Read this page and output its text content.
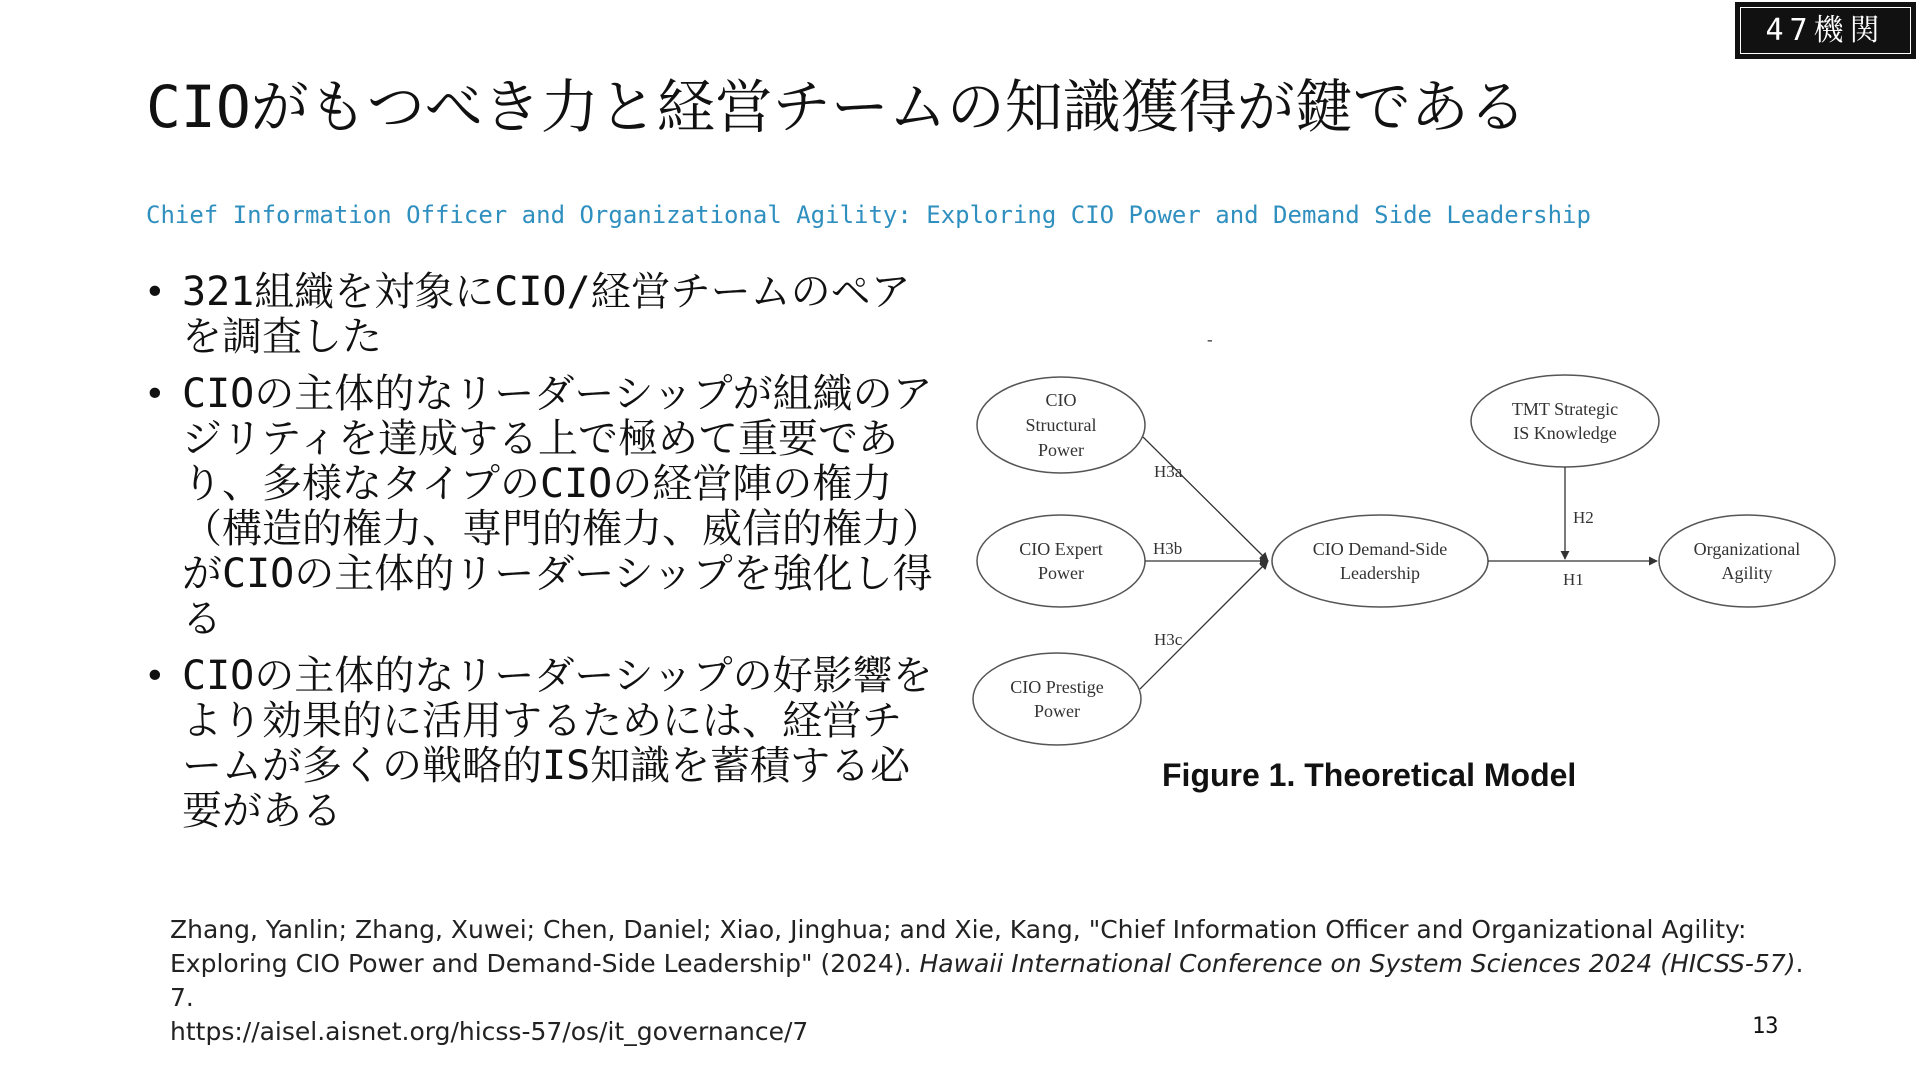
47機関
CIOがもつべき力と経営チームの知識獲得が鍵である
Chief Information Officer and Organizational Agility: Exploring CIO Power and Demand Side Leadership
• 321組織を対象にCIO/経営チームのペアを調査した
• CIOの主体的なリーダーシップが組織のアジリティを達成する上で極めて重要であり、多様なタイプのCIOの経営陣の権力（構造的権力、専門的権力、威信的権力）がCIOの主体的リーダーシップを強化し得る
• CIOの主体的なリーダーシップの好影響をより効果的に活用するためには、経営チームが多くの戦略的IS知識を蓄積する必要がある
-
CIO
Structural
Power
CIO Expert
Power
CIO Prestige
Power
CIO Demand-Side
Leadership
Organizational
Agility
TMT Strategic
IS Knowledge
H3a
H3b
H3c
H1
H2
Figure 1. Theoretical Model
Zhang, Yanlin; Zhang, Xuwei; Chen, Daniel; Xiao, Jinghua; and Xie, Kang, "Chief Information Officer and Organizational Agility: Exploring CIO Power and Demand-Side Leadership" (2024). Hawaii International Conference on System Sciences 2024 (HICSS-57). 7.
https://aisel.aisnet.org/hicss-57/os/it_governance/7	13
